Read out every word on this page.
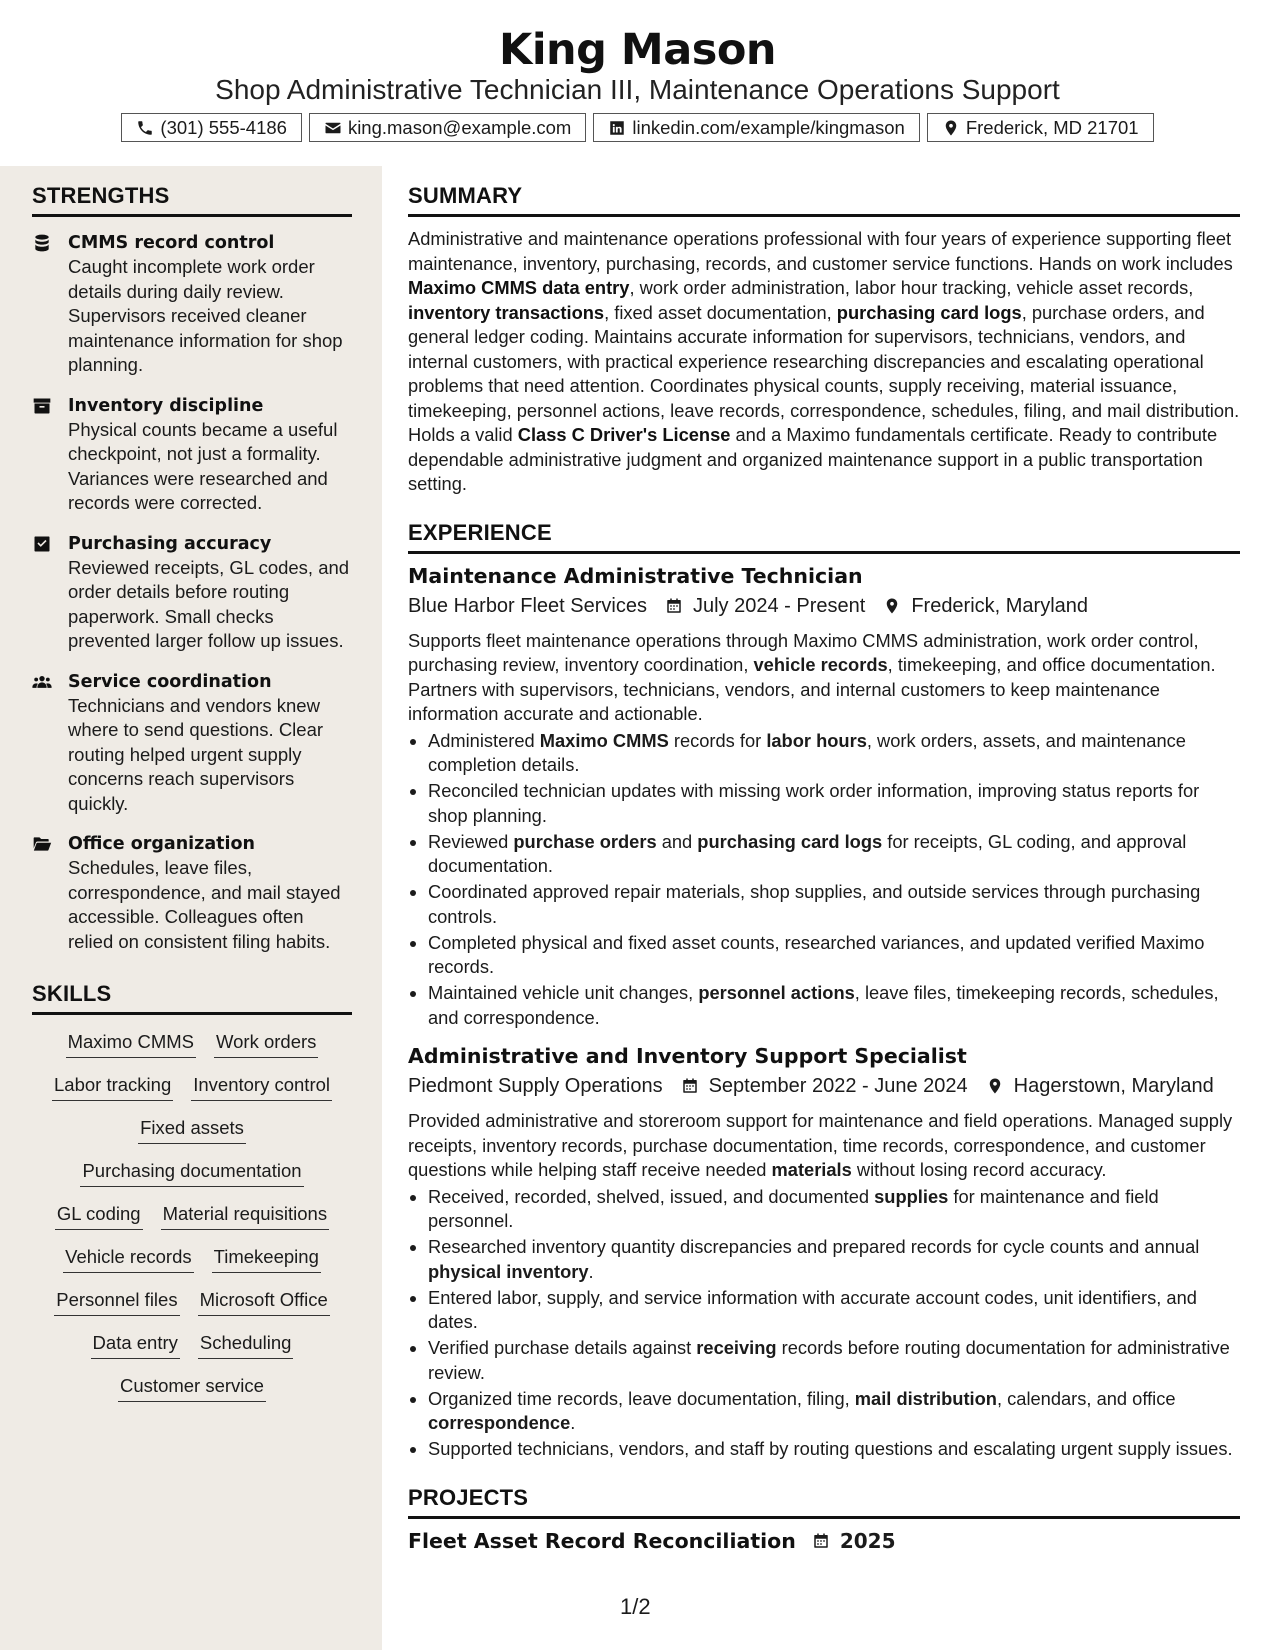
King Mason
Shop Administrative Technician III, Maintenance Operations Support
(301) 555-4186	king.mason@example.com	linkedin.com/example/kingmason	Frederick, MD 21701
STRENGTHS
CMMS record control
Caught incomplete work order details during daily review. Supervisors received cleaner maintenance information for shop planning.
Inventory discipline
Physical counts became a useful checkpoint, not just a formality. Variances were researched and records were corrected.
Purchasing accuracy
Reviewed receipts, GL codes, and order details before routing paperwork. Small checks prevented larger follow up issues.
Service coordination
Technicians and vendors knew where to send questions. Clear routing helped urgent supply concerns reach supervisors quickly.
Office organization
Schedules, leave files, correspondence, and mail stayed accessible. Colleagues often relied on consistent filing habits.
SKILLS
Maximo CMMS Work orders
Labor tracking Inventory control
Fixed assets
Purchasing documentation
GL coding Material requisitions
Vehicle records Timekeeping
Personnel files Microsoft Office
Data entry Scheduling
Customer service
SUMMARY
Administrative and maintenance operations professional with four years of experience supporting fleet maintenance, inventory, purchasing, records, and customer service functions. Hands on work includes Maximo CMMS data entry, work order administration, labor hour tracking, vehicle asset records, inventory transactions, fixed asset documentation, purchasing card logs, purchase orders, and general ledger coding. Maintains accurate information for supervisors, technicians, vendors, and internal customers, with practical experience researching discrepancies and escalating operational problems that need attention. Coordinates physical counts, supply receiving, material issuance, timekeeping, personnel actions, leave records, correspondence, schedules, filing, and mail distribution. Holds a valid Class C Driver's License and a Maximo fundamentals certificate. Ready to contribute dependable administrative judgment and organized maintenance support in a public transportation setting.
EXPERIENCE
Maintenance Administrative Technician
Blue Harbor Fleet Services July 2024 - Present Frederick, Maryland
Supports fleet maintenance operations through Maximo CMMS administration, work order control, purchasing review, inventory coordination, vehicle records, timekeeping, and office documentation. Partners with supervisors, technicians, vendors, and internal customers to keep maintenance information accurate and actionable.
• Administered Maximo CMMS records for labor hours, work orders, assets, and maintenance completion details.
• Reconciled technician updates with missing work order information, improving status reports for shop planning.
• Reviewed purchase orders and purchasing card logs for receipts, GL coding, and approval documentation.
• Coordinated approved repair materials, shop supplies, and outside services through purchasing controls.
• Completed physical and fixed asset counts, researched variances, and updated verified Maximo records.
• Maintained vehicle unit changes, personnel actions, leave files, timekeeping records, schedules, and correspondence.
Administrative and Inventory Support Specialist
Piedmont Supply Operations September 2022 - June 2024 Hagerstown, Maryland
Provided administrative and storeroom support for maintenance and field operations. Managed supply receipts, inventory records, purchase documentation, time records, correspondence, and customer questions while helping staff receive needed materials without losing record accuracy.
• Received, recorded, shelved, issued, and documented supplies for maintenance and field personnel.
• Researched inventory quantity discrepancies and prepared records for cycle counts and annual physical inventory.
• Entered labor, supply, and service information with accurate account codes, unit identifiers, and dates.
• Verified purchase details against receiving records before routing documentation for administrative review.
• Organized time records, leave documentation, filing, mail distribution, calendars, and office correspondence.
• Supported technicians, vendors, and staff by routing questions and escalating urgent supply issues.
PROJECTS
Fleet Asset Record Reconciliation 2025
1/2
